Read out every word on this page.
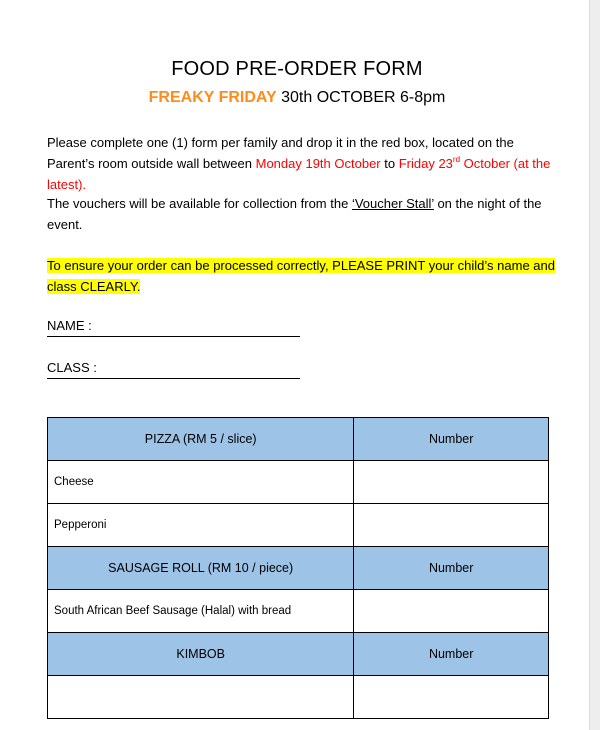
FOOD PRE-ORDER FORM
FREAKY FRIDAY 30th OCTOBER 6-8pm

Please complete one (1) form per family and drop it in the red box, located on the Parent’s room outside wall between Monday 19th October to Friday 23rd October (at the latest).

The vouchers will be available for collection from the ‘Voucher Stall’ on the night of the event.

To ensure your order can be processed correctly, PLEASE PRINT your child’s name and class CLEARLY.

NAME :
CLASS :
PIZZA (RM 5 / slice)	Number
Cheese	
Pepperoni	
SAUSAGE ROLL (RM 10 / piece)	Number
South African Beef Sausage (Halal) with bread	
KIMBOB	Number
